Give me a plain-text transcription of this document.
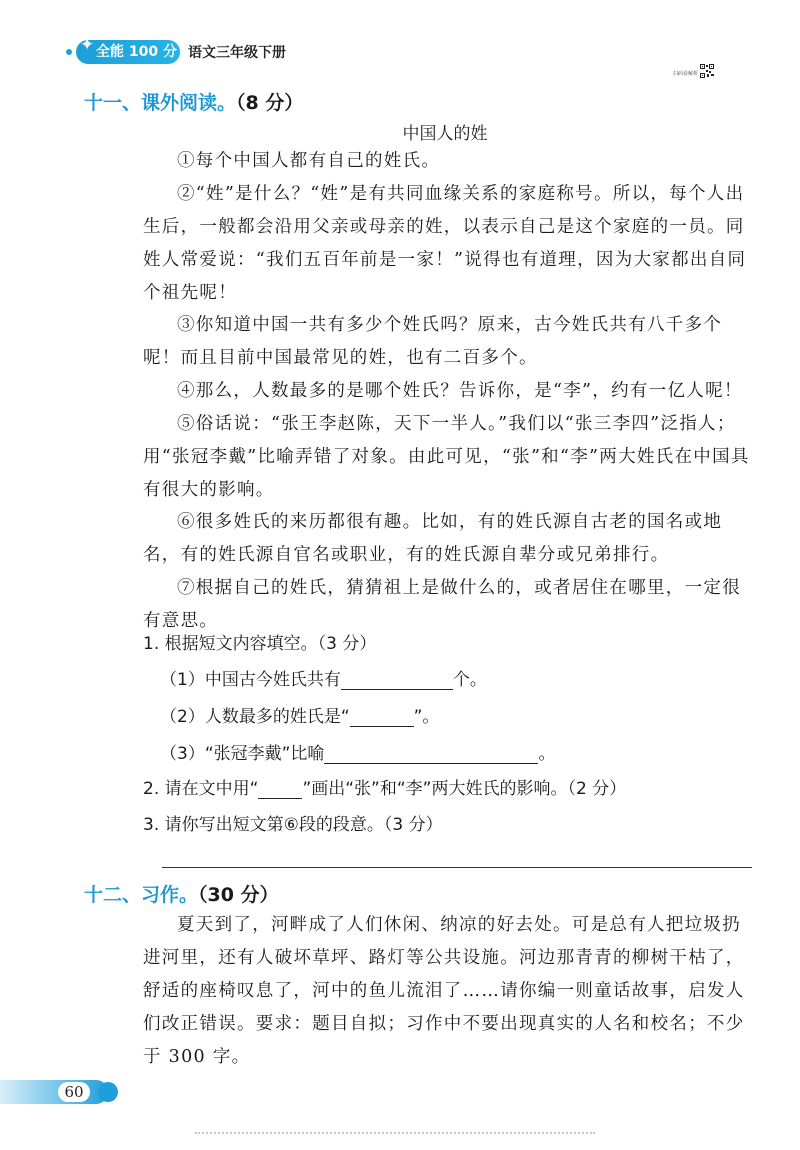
全能 100 分
✦	语文三年级下册
扫码看解析
十一、课外阅读。（8 分）
中国人的姓
①每个中国人都有自己的姓氏。
②“姓”是什么？“姓”是有共同血缘关系的家庭称号。所以，每个人出生后，一般都会沿用父亲或母亲的姓，以表示自己是这个家庭的一员。同姓人常爱说：“我们五百年前是一家！”说得也有道理，因为大家都出自同个祖先呢！
③你知道中国一共有多少个姓氏吗？原来，古今姓氏共有八千多个呢！而且目前中国最常见的姓，也有二百多个。
④那么，人数最多的是哪个姓氏？告诉你，是“李”，约有一亿人呢！
⑤俗话说：“张王李赵陈，天下一半人。”我们以“张三李四”泛指人；用“张冠李戴”比喻弄错了对象。由此可见，“张”和“李”两大姓氏在中国具有很大的影响。
⑥很多姓氏的来历都很有趣。比如，有的姓氏源自古老的国名或地名，有的姓氏源自官名或职业，有的姓氏源自辈分或兄弟排行。
⑦根据自己的姓氏，猜猜祖上是做什么的，或者居住在哪里，一定很有意思。
1. 根据短文内容填空。（3 分）
（1）中国古今姓氏共有	个。
（2）人数最多的姓氏是“	”。
（3）“张冠李戴”比喻	。
2. 请在文中用“	”画出“张”和“李”两大姓氏的影响。（2 分）
3. 请你写出短文第⑥段的段意。（3 分）
十二、习作。（30 分）
夏天到了，河畔成了人们休闲、纳凉的好去处。可是总有人把垃圾扔进河里，还有人破坏草坪、路灯等公共设施。河边那青青的柳树干枯了，舒适的座椅叹息了，河中的鱼儿流泪了……请你编一则童话故事，启发人们改正错误。要求：题目自拟；习作中不要出现真实的人名和校名；不少于 300 字。
60
